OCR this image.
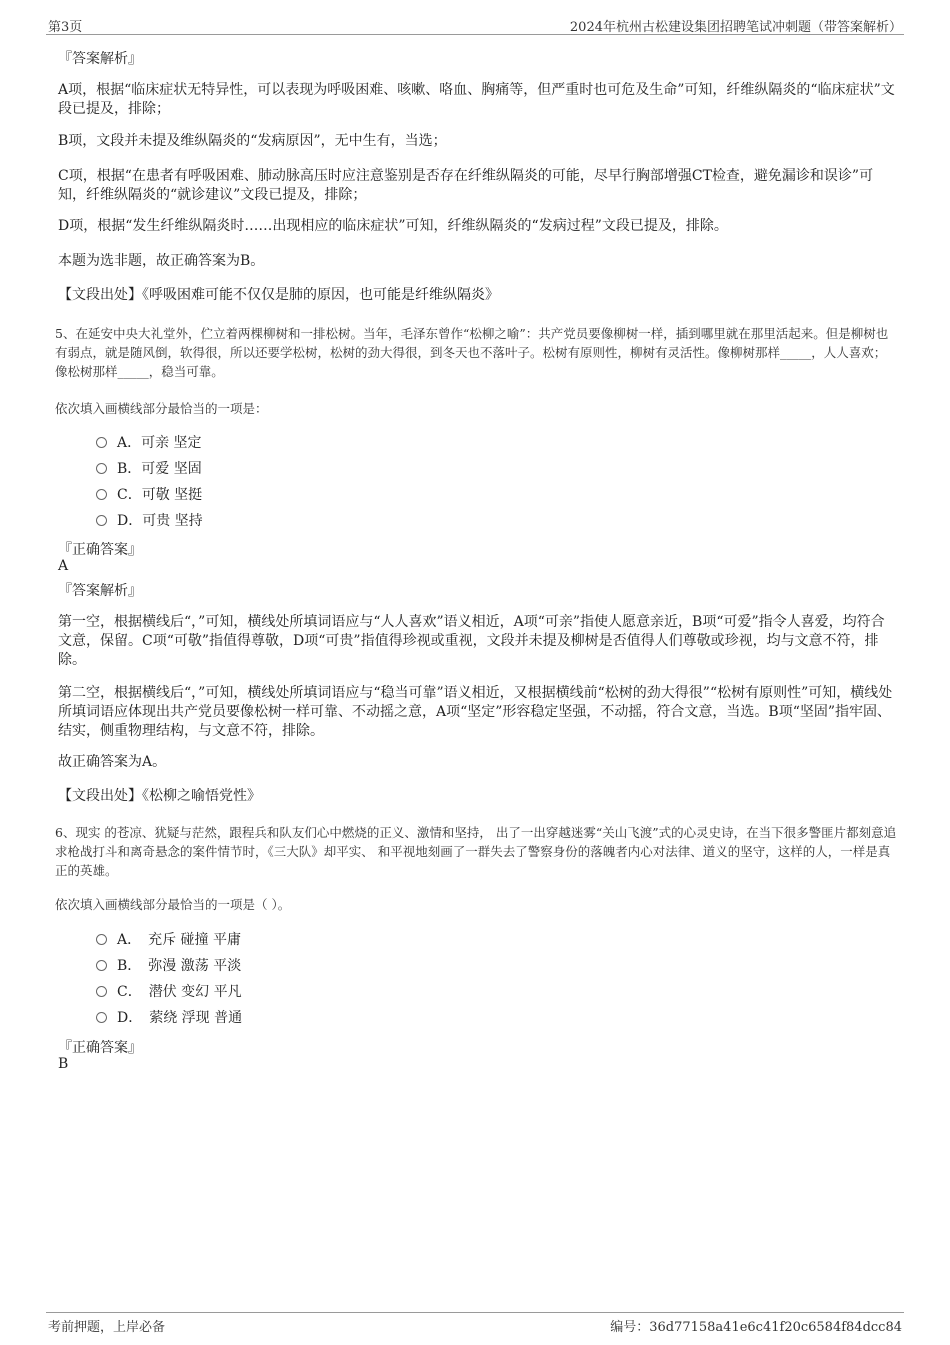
第3页	2024年杭州古松建设集团招聘笔试冲刺题（带答案解析）
『答案解析』
A项，根据“临床症状无特异性，可以表现为呼吸困难、咳嗽、咯血、胸痛等，但严重时也可危及生命”可知，纤维纵隔炎的“临床症状”文段已提及，排除；
B项，文段并未提及维纵隔炎的“发病原因”，无中生有，当选；
C项，根据“在患者有呼吸困难、肺动脉高压时应注意鉴别是否存在纤维纵隔炎的可能，尽早行胸部增强CT检查，避免漏诊和误诊”可知，纤维纵隔炎的“就诊建议”文段已提及，排除；
D项，根据“发生纤维纵隔炎时……出现相应的临床症状”可知，纤维纵隔炎的“发病过程”文段已提及，排除。
本题为选非题，故正确答案为B。
【文段出处】《呼吸困难可能不仅仅是肺的原因，也可能是纤维纵隔炎》
5、在延安中央大礼堂外，伫立着两棵柳树和一排松树。当年，毛泽东曾作“松柳之喻”：共产党员要像柳树一样，插到哪里就在那里活起来。但是柳树也有弱点，就是随风倒，软得很，所以还要学松树，松树的劲大得很，到冬天也不落叶子。松树有原则性，柳树有灵活性。像柳树那样_____，人人喜欢；像松树那样_____，稳当可靠。
依次填入画横线部分最恰当的一项是：
A．可亲 坚定
B．可爱 坚固
C．可敬 坚挺
D．可贵 坚持
『正确答案』
A
『答案解析』
第一空，根据横线后“，”可知，横线处所填词语应与“人人喜欢”语义相近，A项“可亲”指使人愿意亲近，B项“可爱”指令人喜爱，均符合文意，保留。C项“可敬”指值得尊敬，D项“可贵”指值得珍视或重视，文段并未提及柳树是否值得人们尊敬或珍视，均与文意不符，排除。
第二空，根据横线后“，”可知，横线处所填词语应与“稳当可靠”语义相近，又根据横线前“松树的劲大得很”“松树有原则性”可知，横线处所填词语应体现出共产党员要像松树一样可靠、不动摇之意，A项“坚定”形容稳定坚强，不动摇，符合文意，当选。B项“坚固”指牢固、结实，侧重物理结构，与文意不符，排除。
故正确答案为A。
【文段出处】《松柳之喻悟党性》
6、现实 的苍凉、犹疑与茫然，跟程兵和队友们心中燃烧的正义、激情和坚持， 出了一出穿越迷雾“关山飞渡”式的心灵史诗，在当下很多警匪片都刻意追求枪战打斗和离奇悬念的案件情节时，《三大队》却平实、 和平视地刻画了一群失去了警察身份的落魄者内心对法律、道义的坚守，这样的人，一样是真正的英雄。
依次填入画横线部分最恰当的一项是（ ）。
A．　充斥 碰撞 平庸
B．　弥漫 激荡 平淡
C．　潜伏 变幻 平凡
D．　萦绕 浮现 普通
『正确答案』
B
考前押题，上岸必备	编号：36d77158a41e6c41f20c6584f84dcc84
